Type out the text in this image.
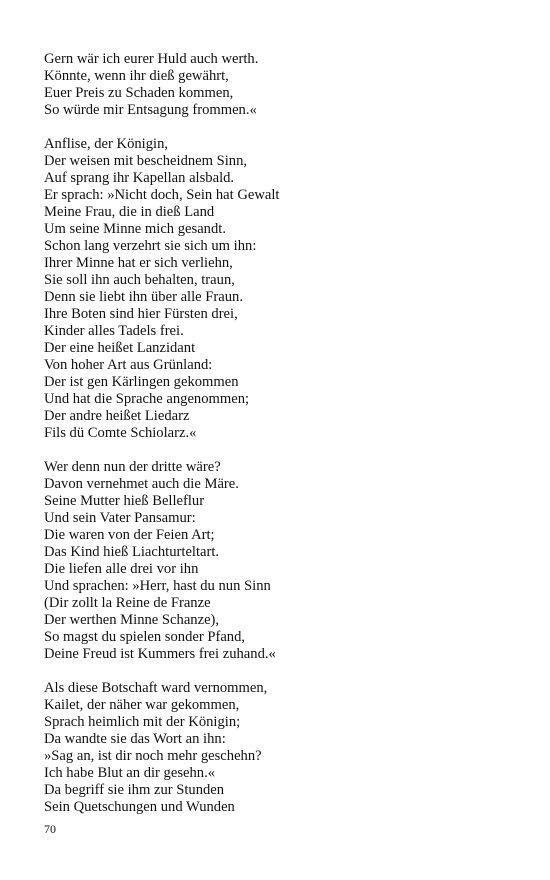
Gern wär ich eurer Huld auch werth.
Könnte, wenn ihr dieß gewährt,
Euer Preis zu Schaden kommen,
So würde mir Entsagung frommen.«
Anflise, der Königin,
Der weisen mit bescheidnem Sinn,
Auf sprang ihr Kapellan alsbald.
Er sprach: »Nicht doch, Sein hat Gewalt
Meine Frau, die in dieß Land
Um seine Minne mich gesandt.
Schon lang verzehrt sie sich um ihn:
Ihrer Minne hat er sich verliehn,
Sie soll ihn auch behalten, traun,
Denn sie liebt ihn über alle Fraun.
Ihre Boten sind hier Fürsten drei,
Kinder alles Tadels frei.
Der eine heißet Lanzidant
Von hoher Art aus Grünland:
Der ist gen Kärlingen gekommen
Und hat die Sprache angenommen;
Der andre heißet Liedarz
Fils dü Comte Schiolarz.«
Wer denn nun der dritte wäre?
Davon vernehmet auch die Märe.
Seine Mutter hieß Belleflur
Und sein Vater Pansamur:
Die waren von der Feien Art;
Das Kind hieß Liachturteltart.
Die liefen alle drei vor ihn
Und sprachen: »Herr, hast du nun Sinn
(Dir zollt la Reine de Franze
Der werthen Minne Schanze),
So magst du spielen sonder Pfand,
Deine Freud ist Kummers frei zuhand.«
Als diese Botschaft ward vernommen,
Kailet, der näher war gekommen,
Sprach heimlich mit der Königin;
Da wandte sie das Wort an ihn:
»Sag an, ist dir noch mehr geschehn?
Ich habe Blut an dir gesehn.«
Da begriff sie ihm zur Stunden
Sein Quetschungen und Wunden
70
